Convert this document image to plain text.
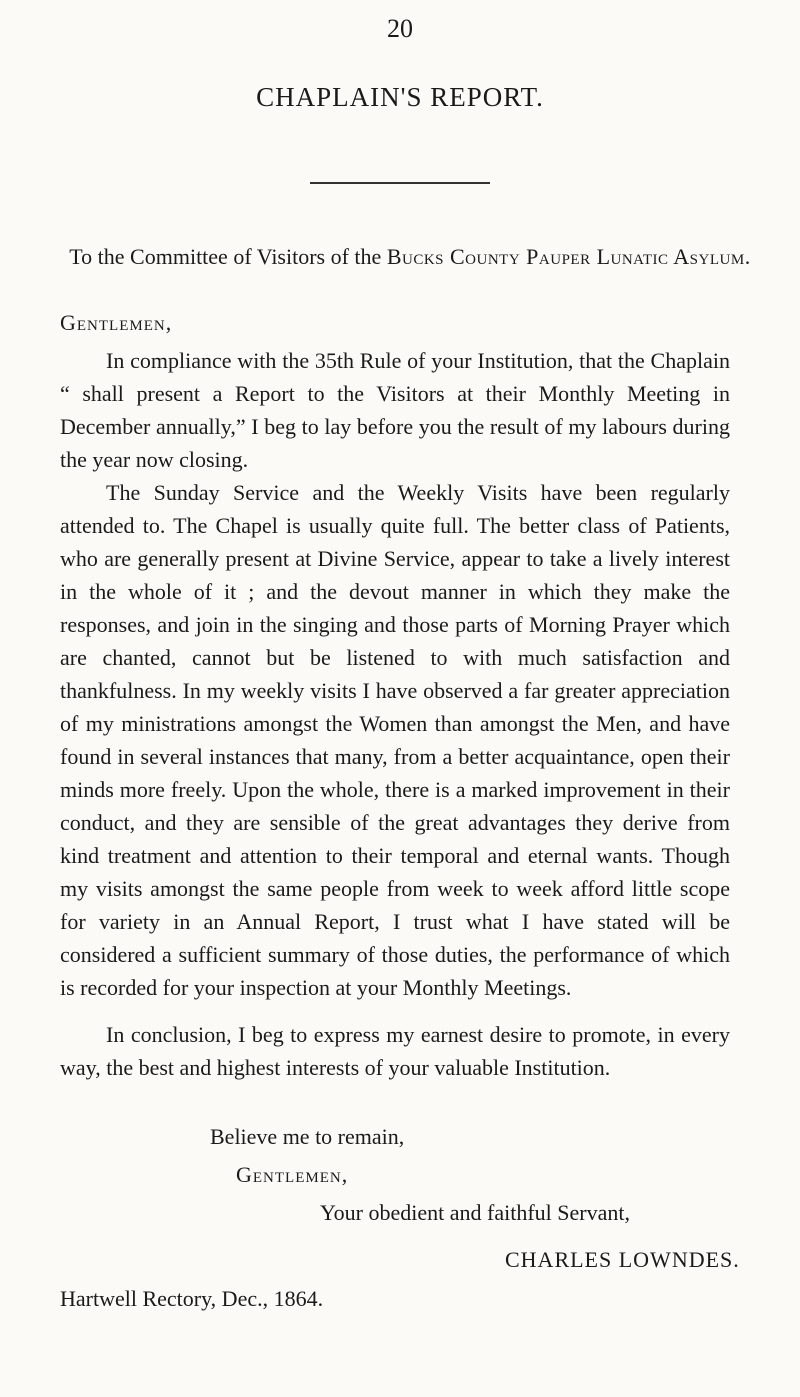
20
CHAPLAIN'S REPORT.
To the Committee of Visitors of the Bucks County Pauper Lunatic Asylum.
Gentlemen,

In compliance with the 35th Rule of your Institution, that the Chaplain “ shall present a Report to the Visitors at their Monthly Meeting in December annually,” I beg to lay before you the result of my labours during the year now closing.

The Sunday Service and the Weekly Visits have been regularly attended to. The Chapel is usually quite full. The better class of Patients, who are generally present at Divine Service, appear to take a lively interest in the whole of it ; and the devout manner in which they make the responses, and join in the singing and those parts of Morning Prayer which are chanted, cannot but be listened to with much satisfaction and thankfulness. In my weekly visits I have observed a far greater appreciation of my ministrations amongst the Women than amongst the Men, and have found in several instances that many, from a better acquaintance, open their minds more freely. Upon the whole, there is a marked improvement in their conduct, and they are sensible of the great advantages they derive from kind treatment and attention to their temporal and eternal wants. Though my visits amongst the same people from week to week afford little scope for variety in an Annual Report, I trust what I have stated will be considered a sufficient summary of those duties, the performance of which is recorded for your inspection at your Monthly Meetings.

In conclusion, I beg to express my earnest desire to promote, in every way, the best and highest interests of your valuable Institution.

Believe me to remain,
Gentlemen,
Your obedient and faithful Servant,
CHARLES LOWNDES.
Hartwell Rectory, Dec., 1864.
